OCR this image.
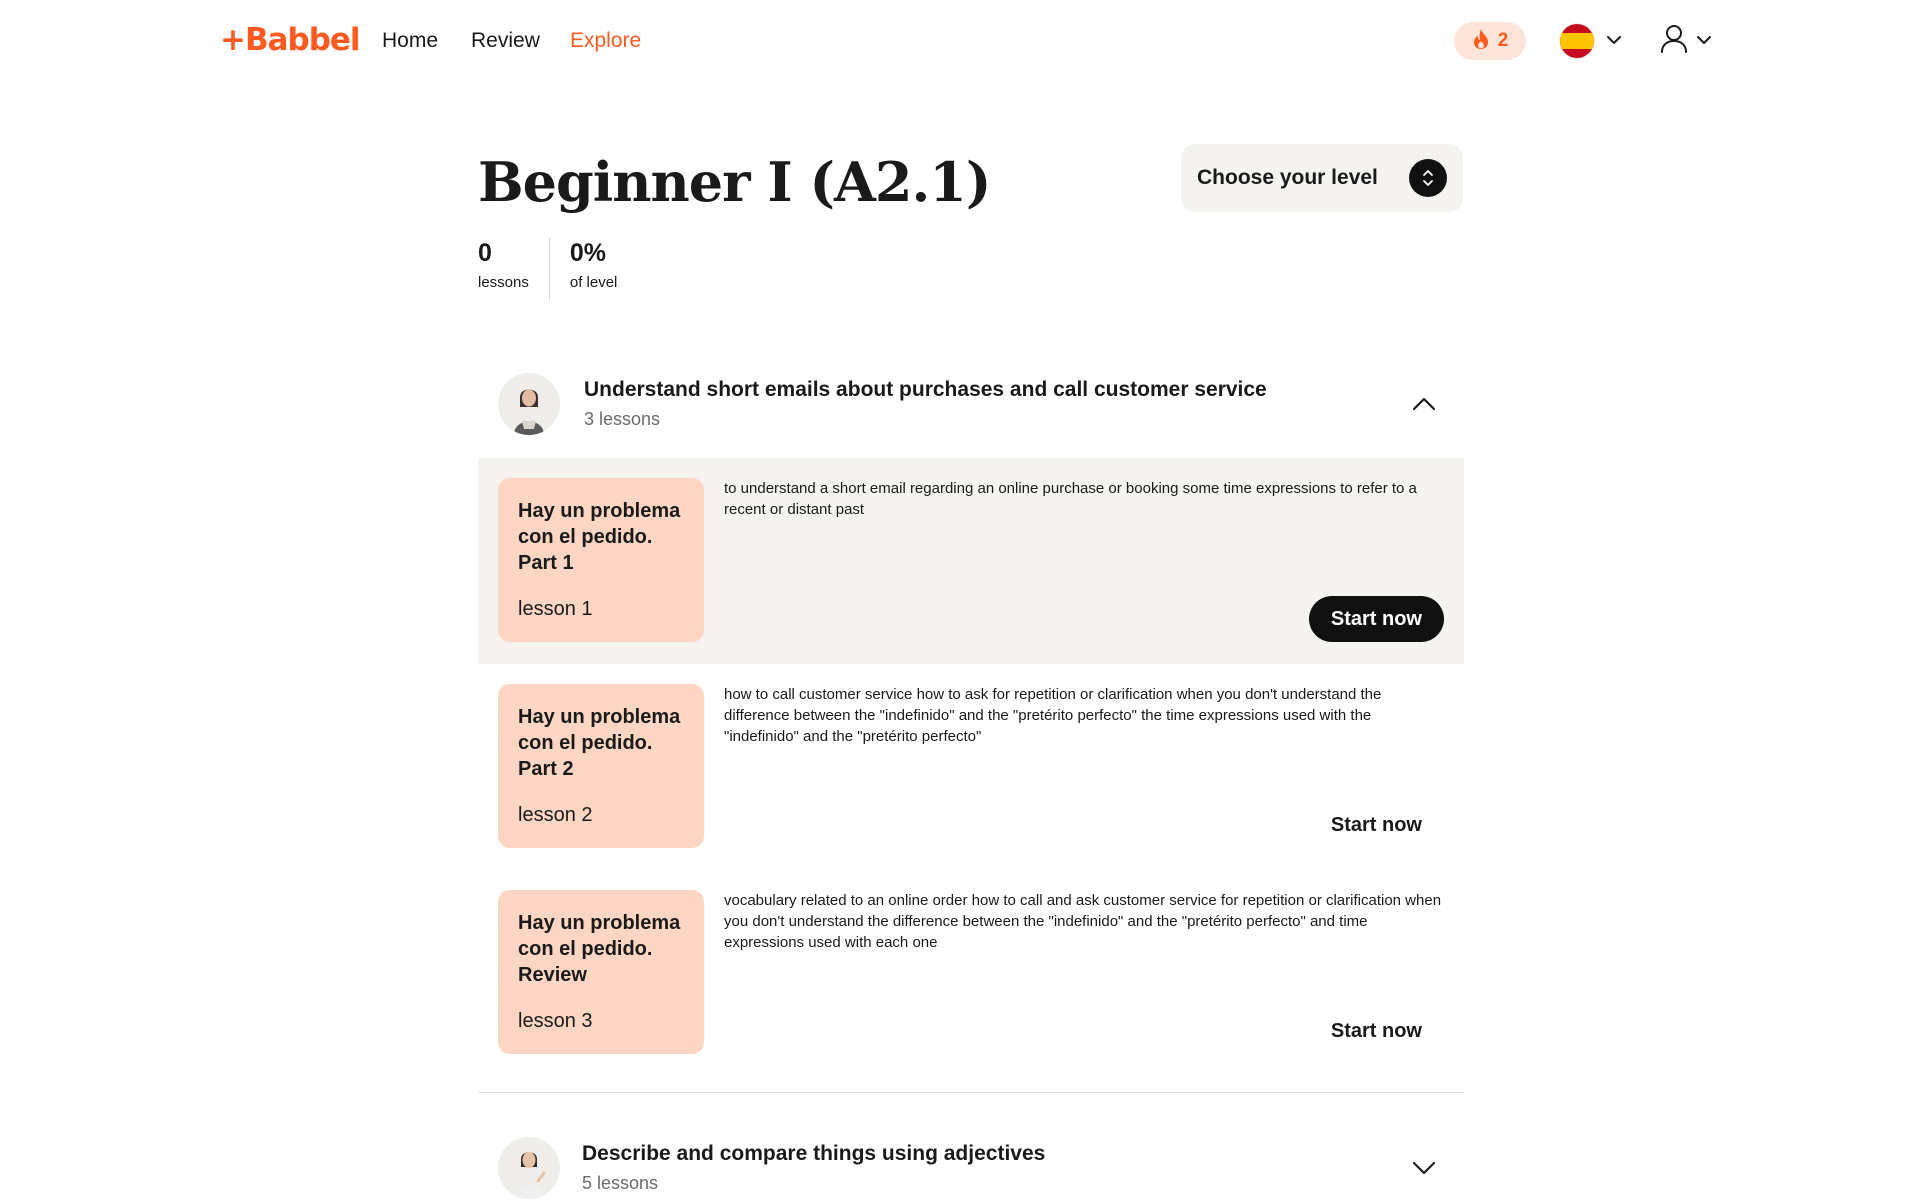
+Babbel Home Review Explore	2
Beginner I (A2.1)	Choose your level
0
lessons
0%
of level
Understand short emails about purchases and call customer service
3 lessons
Hay un problema con el pedido. Part 1
lesson 1
to understand a short email regarding an online purchase or booking some time expressions to refer to a recent or distant past
Start now
Hay un problema con el pedido. Part 2
lesson 2
how to call customer service how to ask for repetition or clarification when you don't understand the difference between the "indefinido" and the "pretérito perfecto" the time expressions used with the "indefinido" and the "pretérito perfecto"
Start now
Hay un problema con el pedido. Review
lesson 3
vocabulary related to an online order how to call and ask customer service for repetition or clarification when you don't understand the difference between the "indefinido" and the "pretérito perfecto" and time expressions used with each one
Start now
Describe and compare things using adjectives
5 lessons
